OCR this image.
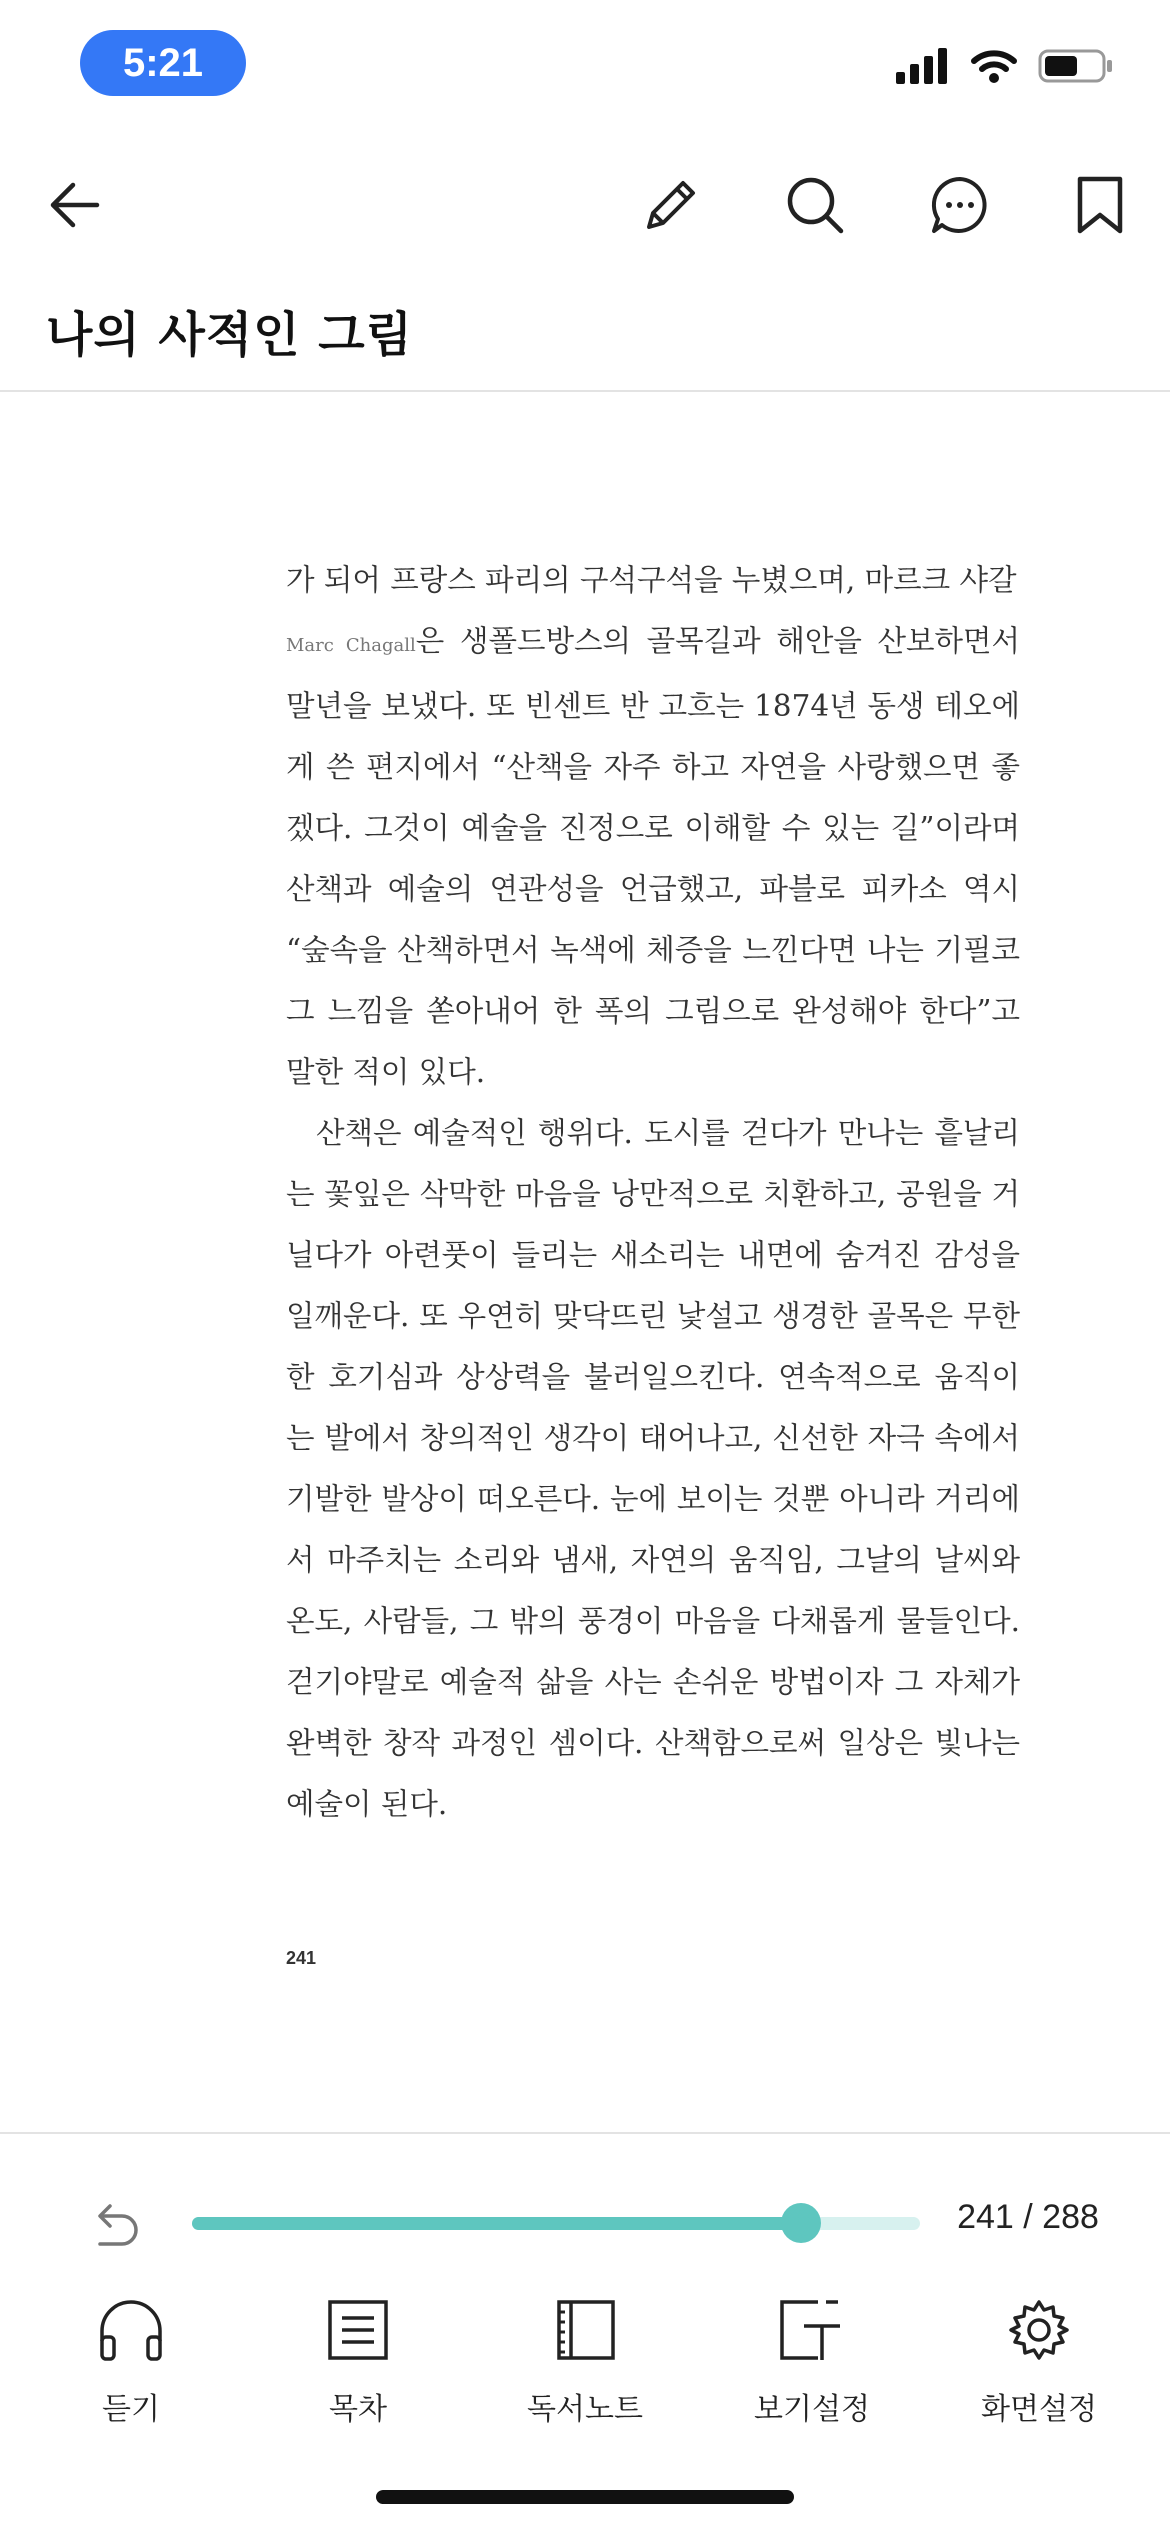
5:21
나의 사적인 그림

가 되어 프랑스 파리의 구석구석을 누볐으며, 마르크 샤갈
Marc Chagall은 생폴드방스의 골목길과 해안을 산보하면서 말년을 보냈다. 또 빈센트 반 고흐는 1874년 동생 테오에게 쓴 편지에서 “산책을 자주 하고 자연을 사랑했으면 좋겠다. 그것이 예술을 진정으로 이해할 수 있는 길”이라며 산책과 예술의 연관성을 언급했고, 파블로 피카소 역시 “숲속을 산책하면서 녹색에 체증을 느낀다면 나는 기필코 그 느낌을 쏟아내어 한 폭의 그림으로 완성해야 한다”고 말한 적이 있다.

산책은 예술적인 행위다. 도시를 걷다가 만나는 흩날리는 꽃잎은 삭막한 마음을 낭만적으로 치환하고, 공원을 거닐다가 아련풋이 들리는 새소리는 내면에 숨겨진 감성을 일깨운다. 또 우연히 맞닥뜨린 낯설고 생경한 골목은 무한한 호기심과 상상력을 불러일으킨다. 연속적으로 움직이는 발에서 창의적인 생각이 태어나고, 신선한 자극 속에서 기발한 발상이 떠오른다. 눈에 보이는 것뿐 아니라 거리에서 마주치는 소리와 냄새, 자연의 움직임, 그날의 날씨와 온도, 사람들, 그 밖의 풍경이 마음을 다채롭게 물들인다. 걷기야말로 예술적 삶을 사는 손쉬운 방법이자 그 자체가 완벽한 창작 과정인 셈이다. 산책함으로써 일상은 빛나는 예술이 된다.

241
241 / 288
듣기	목차	독서노트	보기설정	화면설정
